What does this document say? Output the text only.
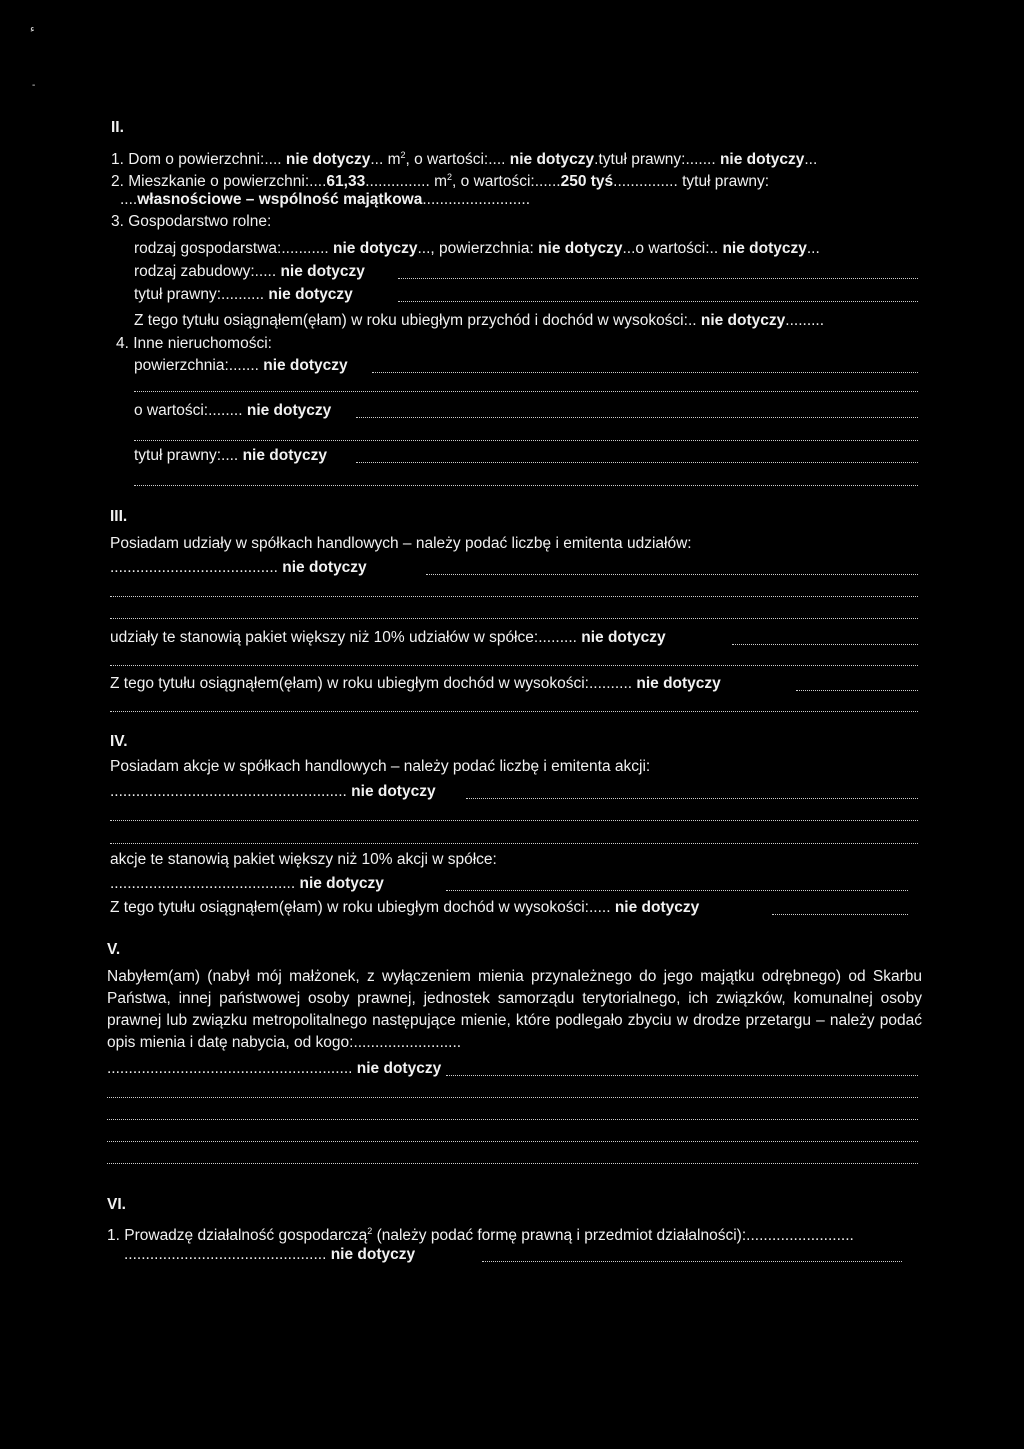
ﺀ
-
II.
1. Dom o powierzchni:.... nie dotyczy... $m^2$, o wartości:.... nie dotyczy.tytuł prawny:....... nie dotyczy...
2. Mieszkanie o powierzchni:....61,33............... $m^2$, o wartości:......250 tyś............... tytuł prawny:
....własnościowe – wspólność majątkowa.........................
3. Gospodarstwo rolne:
rodzaj gospodarstwa:........... nie dotyczy..., powierzchnia: nie dotyczy...o wartości:.. nie dotyczy...
rodzaj zabudowy:..... nie dotyczy
tytuł prawny:.......... nie dotyczy
Z tego tytułu osiągnąłem(ęłam) w roku ubiegłym przychód i dochód w wysokości:.. nie dotyczy.........
4. Inne nieruchomości:
powierzchnia:....... nie dotyczy
o wartości:........ nie dotyczy
tytuł prawny:.... nie dotyczy
III.
Posiadam udziały w spółkach handlowych – należy podać liczbę i emitenta udziałów:
....................................... nie dotyczy
udziały te stanowią pakiet większy niż 10% udziałów w spółce:......... nie dotyczy
Z tego tytułu osiągnąłem(ęłam) w roku ubiegłym dochód w wysokości:.......... nie dotyczy
IV.
Posiadam akcje w spółkach handlowych – należy podać liczbę i emitenta akcji:
....................................................... nie dotyczy
akcje te stanowią pakiet większy niż 10% akcji w spółce:
........................................... nie dotyczy
Z tego tytułu osiągnąłem(ęłam) w roku ubiegłym dochód w wysokości:..... nie dotyczy
V.
Nabyłem(am) (nabył mój małżonek, z wyłączeniem mienia przynależnego do jego majątku odrębnego) od Skarbu Państwa, innej państwowej osoby prawnej, jednostek samorządu terytorialnego, ich związków, komunalnej osoby prawnej lub związku metropolitalnego następujące mienie, które podlegało zbyciu w drodze przetargu – należy podać opis mienia i datę nabycia, od kogo:.........................
......................................................... nie dotyczy
VI.
1. Prowadzę działalność gospodarczą$^2$ (należy podać formę prawną i przedmiot działalności):.........................
............................................... nie dotyczy
